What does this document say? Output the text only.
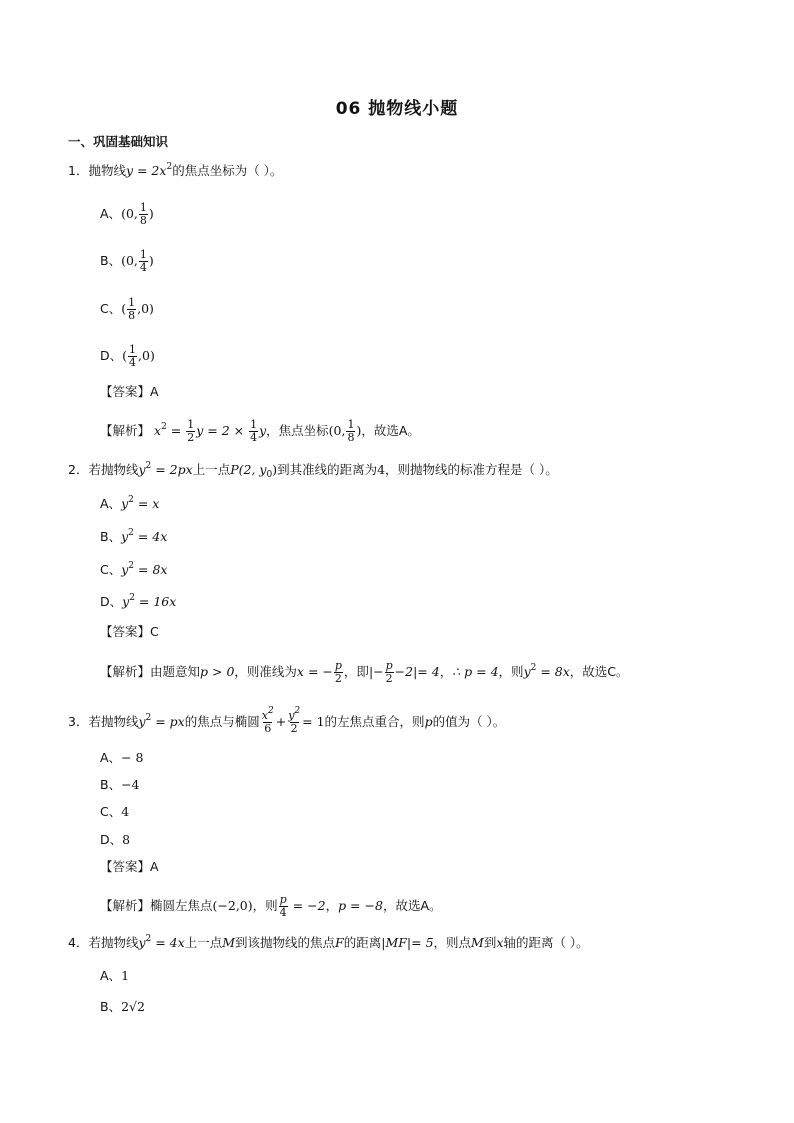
06 抛物线小题
一、巩固基础知识
1．抛物线$y = 2x^2$的焦点坐标为（ ）。
A、(0, $\frac{1}{8}$ )
B、(0, $\frac{1}{4}$ )
C、( $\frac{1}{8} ,0$)
D、( $\frac{1}{4} ,0$)
【答案】A
【解析】 $x^2 = \frac{1}{2}$ $y = 2 \times \frac{1}{4}$ y，焦点坐标(0, $\frac{1}{8}$ )，故选A。
2．若抛物线$y^2 = 2px$上一点P(2, $y_0$)到其准线的距离为4，则抛物线的标准方程是（ ）。
A、$y^2 = x$
B、$y^2 = 4x$
C、$y^2 = 8x$
D、$y^2 = 16x$
【答案】C
【解析】由题意知p > 0，则准线为x = − $\frac{p}{2}$ ，即|− $\frac{p}{2} -2|= 4$，∴ p = 4，则$y^2 = 8x$，故选C。
3．若抛物线$y^2$ = px的焦点与椭圆 $\frac{x^2}{6} + \frac{y^2}{2} = 1$的左焦点重合，则p的值为（ ）。
A、− 8
B、−4
C、4
D、8
【答案】A
【解析】椭圆左焦点(−2,0)，则 $\frac{p}{4} = -2$，p = −8，故选A。
4．若抛物线$y^2 = 4x$上一点M到该抛物线的焦点F的距离|MF|= 5，则点M到x轴的距离（ ）。
A、1
B、2√2
